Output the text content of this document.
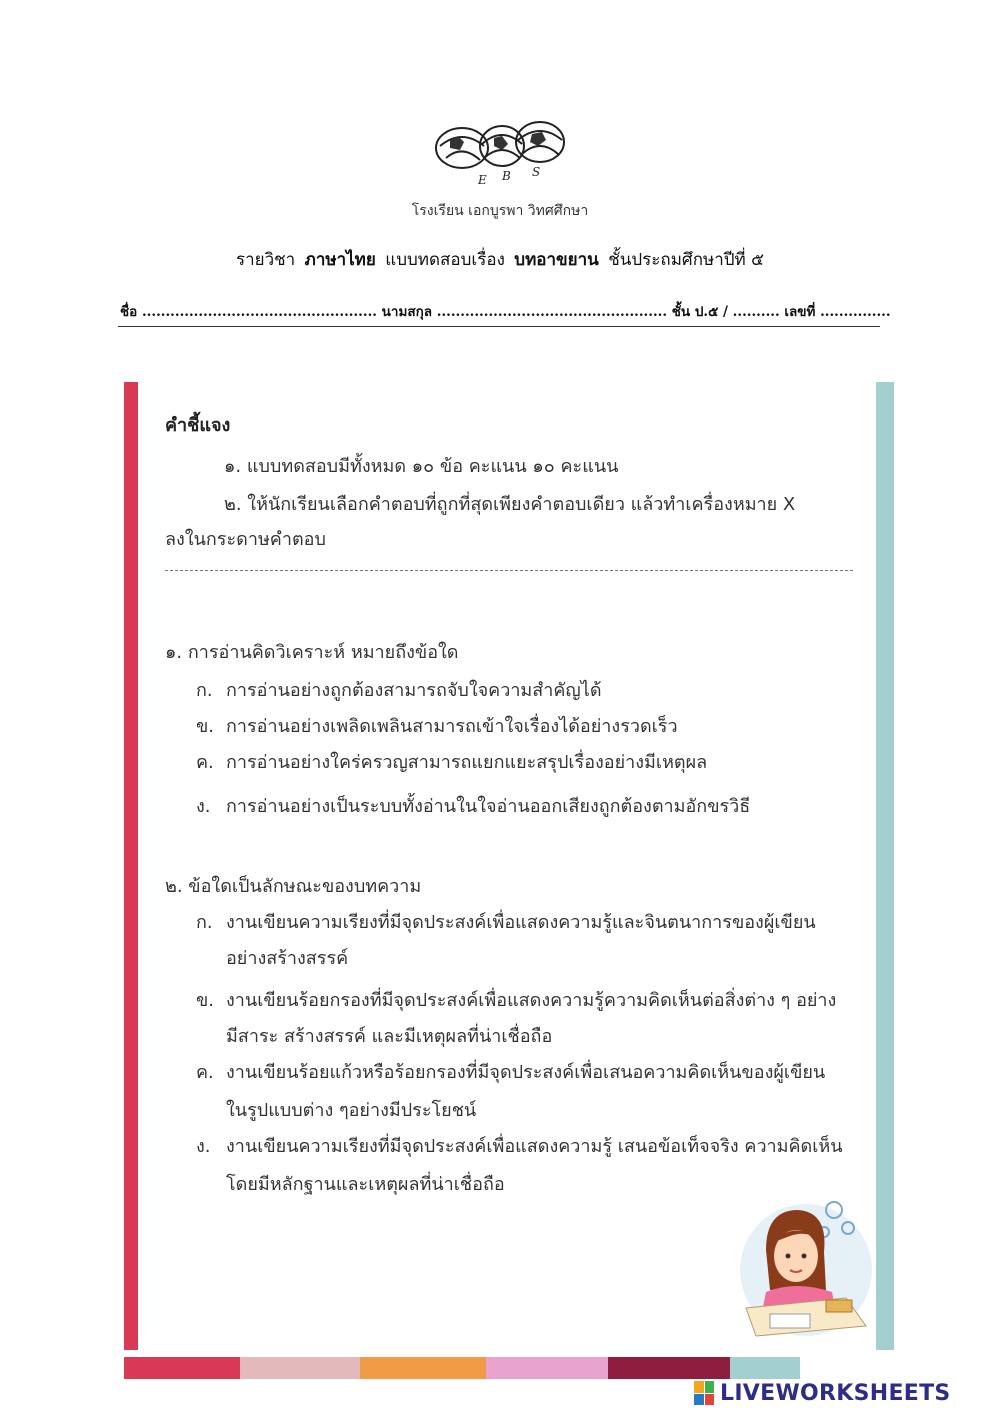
E B S
โรงเรียน เอกบูรพา วิทศศึกษา
รายวิชา ภาษาไทย แบบทดสอบเรื่อง บทอาขยาน ชั้นประถมศึกษาปีที่ ๕
ชื่อ .................................................. นามสกุล ................................................. ชั้น ป.๕ / .......... เลขที่ ...............
คำชี้แจง
๑. แบบทดสอบมีทั้งหมด ๑๐ ข้อ คะแนน ๑๐ คะแนน
๒. ให้นักเรียนเลือกคำตอบที่ถูกที่สุดเพียงคำตอบเดียว แล้วทำเครื่องหมาย X
ลงในกระดาษคำตอบ
๑. การอ่านคิดวิเคราะห์ หมายถึงข้อใด
ก. การอ่านอย่างถูกต้องสามารถจับใจความสำคัญได้
ข. การอ่านอย่างเพลิดเพลินสามารถเข้าใจเรื่องได้อย่างรวดเร็ว
ค. การอ่านอย่างใคร่ครวญสามารถแยกแยะสรุปเรื่องอย่างมีเหตุผล
ง. การอ่านอย่างเป็นระบบทั้งอ่านในใจอ่านออกเสียงถูกต้องตามอักขรวิธี
๒. ข้อใดเป็นลักษณะของบทความ
ก. งานเขียนความเรียงที่มีจุดประสงค์เพื่อแสดงความรู้และจินตนาการของผู้เขียน
อย่างสร้างสรรค์
ข. งานเขียนร้อยกรองที่มีจุดประสงค์เพื่อแสดงความรู้ความคิดเห็นต่อสิ่งต่าง ๆ อย่าง
มีสาระ สร้างสรรค์ และมีเหตุผลที่น่าเชื่อถือ
ค. งานเขียนร้อยแก้วหรือร้อยกรองที่มีจุดประสงค์เพื่อเสนอความคิดเห็นของผู้เขียน
ในรูปแบบต่าง ๆอย่างมีประโยชน์
ง. งานเขียนความเรียงที่มีจุดประสงค์เพื่อแสดงความรู้ เสนอข้อเท็จจริง ความคิดเห็น
โดยมีหลักฐานและเหตุผลที่น่าเชื่อถือ
LIVEWORKSHEETS
